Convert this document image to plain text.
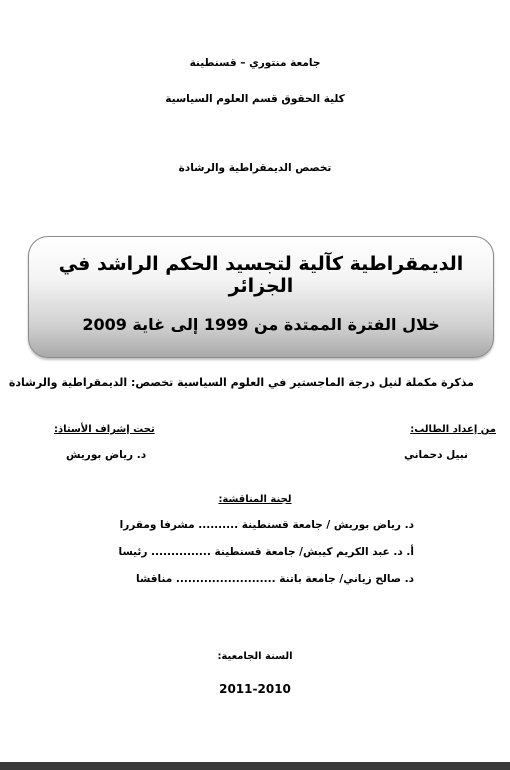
جامعة منتوري – قسنطينة
كلية الحقوق قسم العلوم السياسية
تخصص الديمقراطية والرشادة
الديمقراطية كآلية لتجسيد الحكم الراشد في الجزائر
خلال الفترة الممتدة من 1999 إلى غاية 2009
مذكرة مكملة لنيل درجة الماجستير في العلوم السياسية تخصص: الديمقراطية والرشادة
من إعداد الطالب:
نبيل دحماني
تحت إشراف الأستاذ:
د. رياض بوريش
لجنة المناقشة:
د. رياض بوريش / جامعة قسنطينة .......... مشرفا ومقررا
أ. د. عبد الكريم كيبش/ جامعة قسنطينة ............... رئيسا
د. صالح زياني/ جامعة باتنة ......................... مناقشا
السنة الجامعية:
2011-2010
